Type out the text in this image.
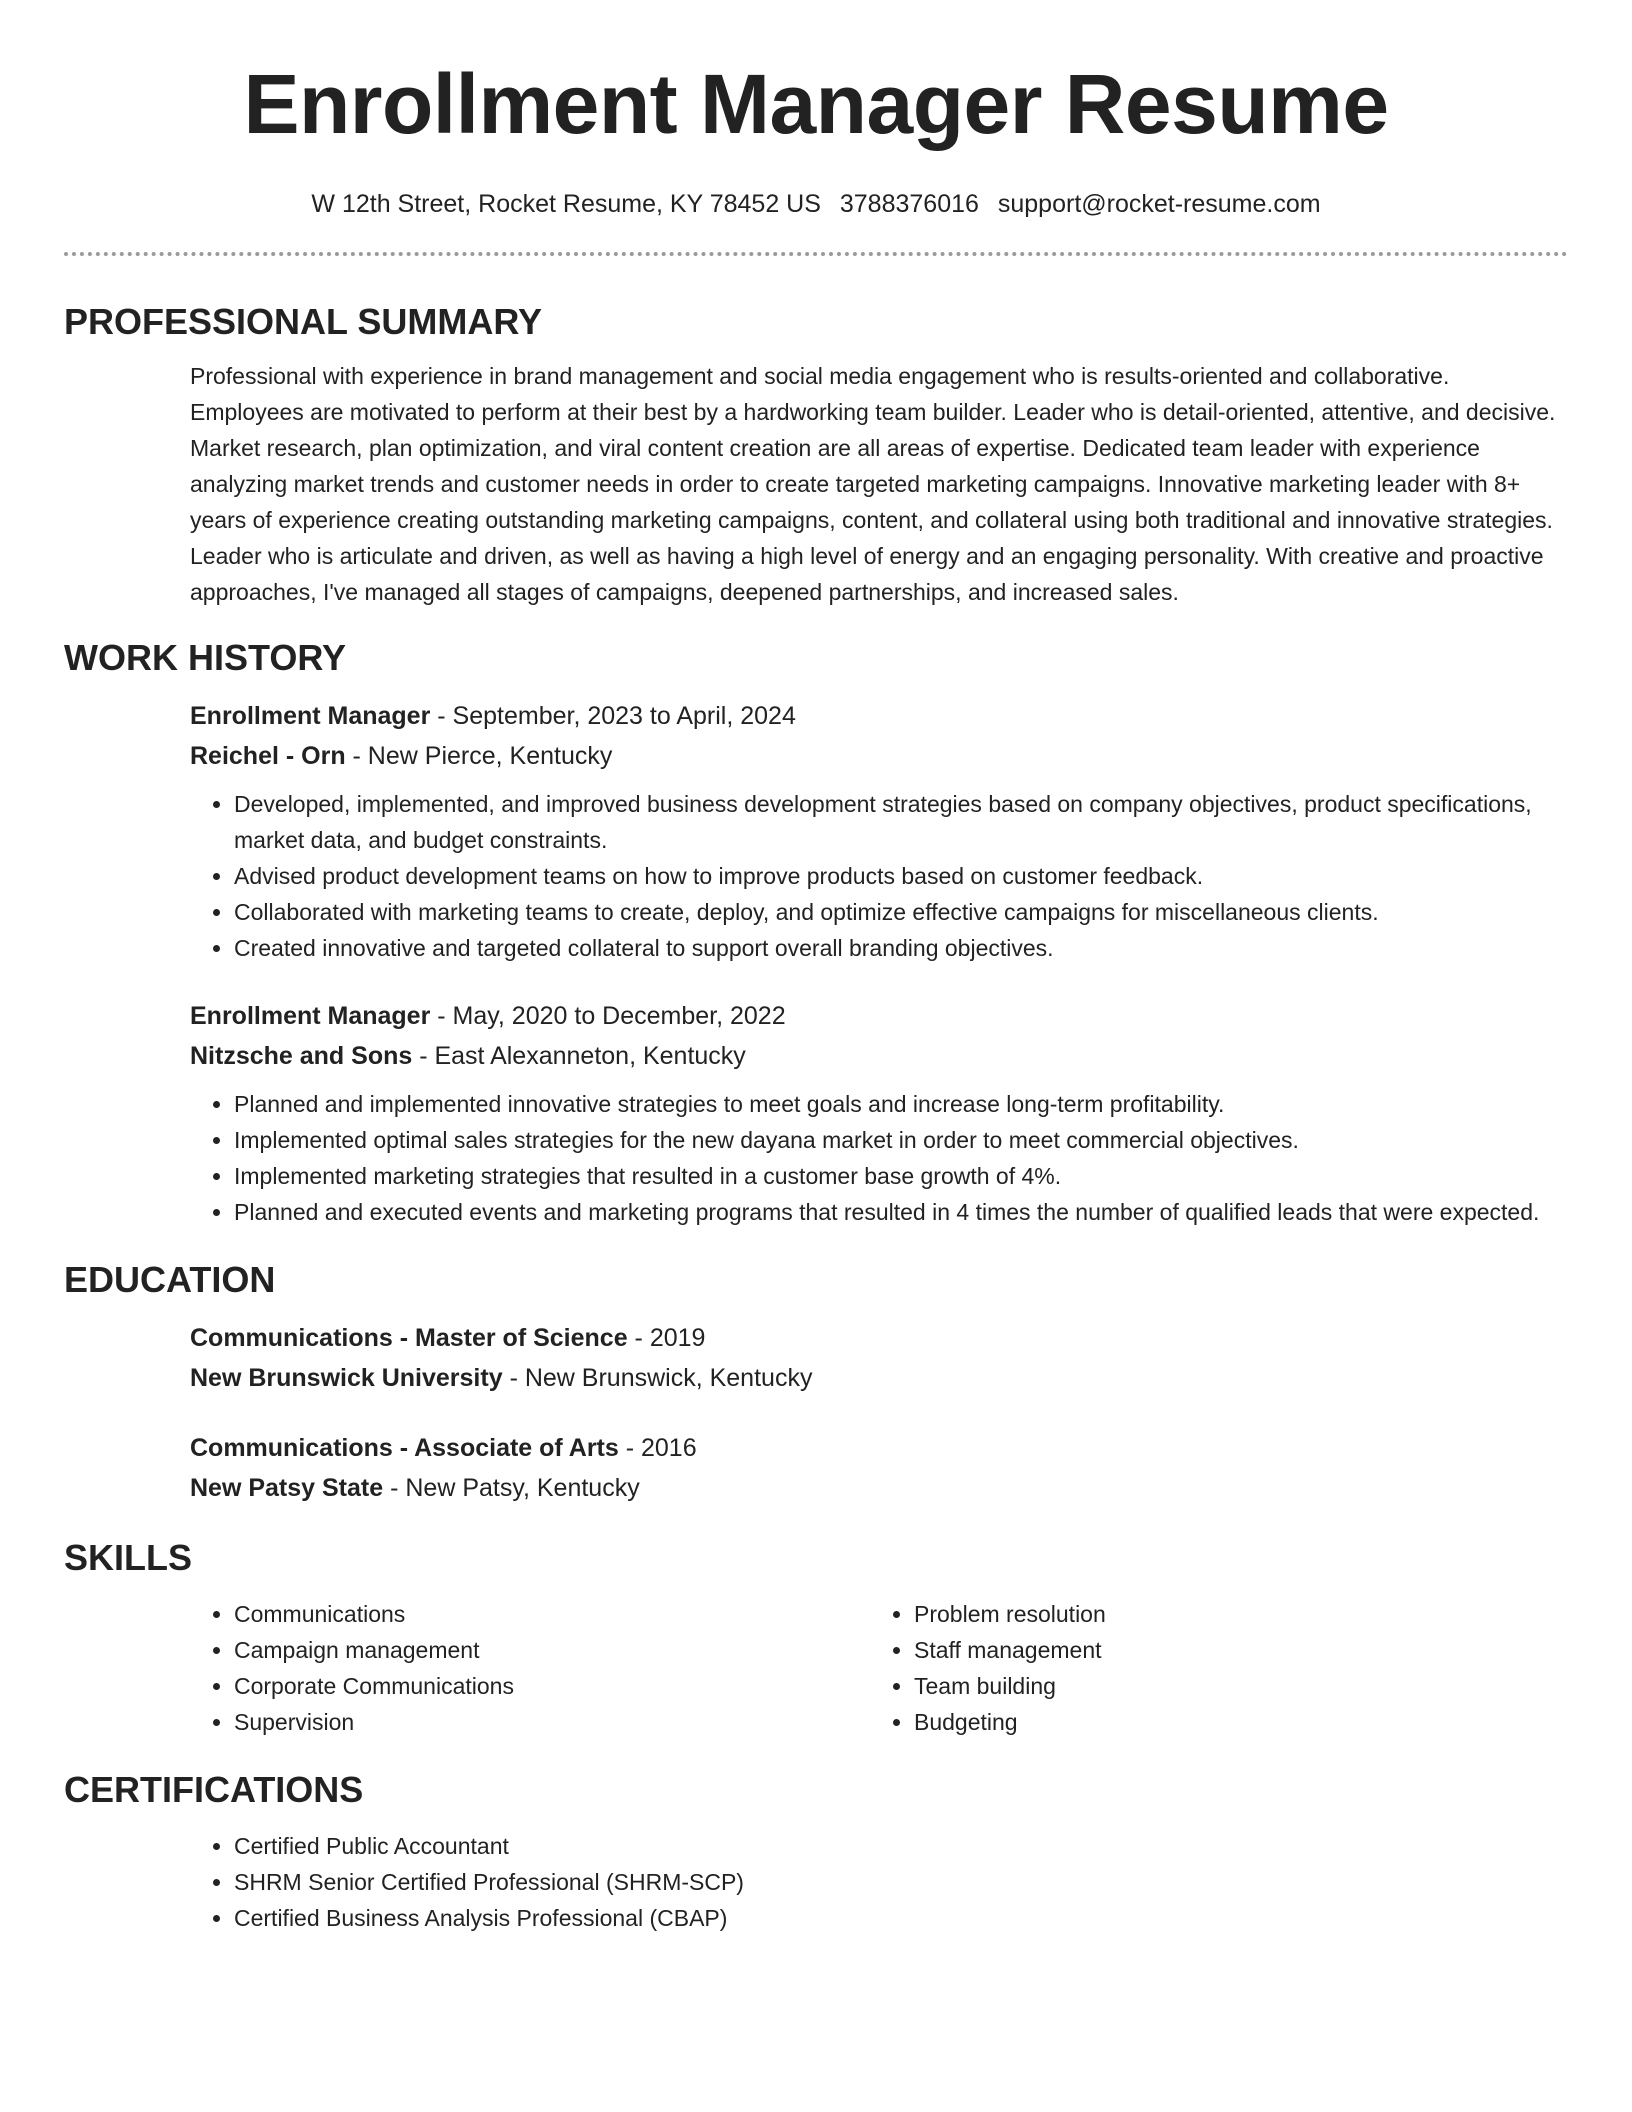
Enrollment Manager Resume
W 12th Street, Rocket Resume, KY 78452 US 3788376016 support@rocket-resume.com
PROFESSIONAL SUMMARY

Professional with experience in brand management and social media engagement who is results-oriented and collaborative. Employees are motivated to perform at their best by a hardworking team builder. Leader who is detail-oriented, attentive, and decisive. Market research, plan optimization, and viral content creation are all areas of expertise. Dedicated team leader with experience analyzing market trends and customer needs in order to create targeted marketing campaigns. Innovative marketing leader with 8+ years of experience creating outstanding marketing campaigns, content, and collateral using both traditional and innovative strategies. Leader who is articulate and driven, as well as having a high level of energy and an engaging personality. With creative and proactive approaches, I've managed all stages of campaigns, deepened partnerships, and increased sales.

WORK HISTORY
Enrollment Manager - September, 2023 to April, 2024
Reichel - Orn - New Pierce, Kentucky
• Developed, implemented, and improved business development strategies based on company objectives, product specifications, market data, and budget constraints.
• Advised product development teams on how to improve products based on customer feedback.
• Collaborated with marketing teams to create, deploy, and optimize effective campaigns for miscellaneous clients.
• Created innovative and targeted collateral to support overall branding objectives.
Enrollment Manager - May, 2020 to December, 2022
Nitzsche and Sons - East Alexanneton, Kentucky
• Planned and implemented innovative strategies to meet goals and increase long-term profitability.
• Implemented optimal sales strategies for the new dayana market in order to meet commercial objectives.
• Implemented marketing strategies that resulted in a customer base growth of 4%.
• Planned and executed events and marketing programs that resulted in 4 times the number of qualified leads that were expected.
EDUCATION
Communications - Master of Science - 2019
New Brunswick University - New Brunswick, Kentucky
Communications - Associate of Arts - 2016
New Patsy State - New Patsy, Kentucky
SKILLS
• Communications
• Campaign management
• Corporate Communications
• Supervision
• Problem resolution
• Staff management
• Team building
• Budgeting
CERTIFICATIONS
• Certified Public Accountant
• SHRM Senior Certified Professional (SHRM-SCP)
• Certified Business Analysis Professional (CBAP)
